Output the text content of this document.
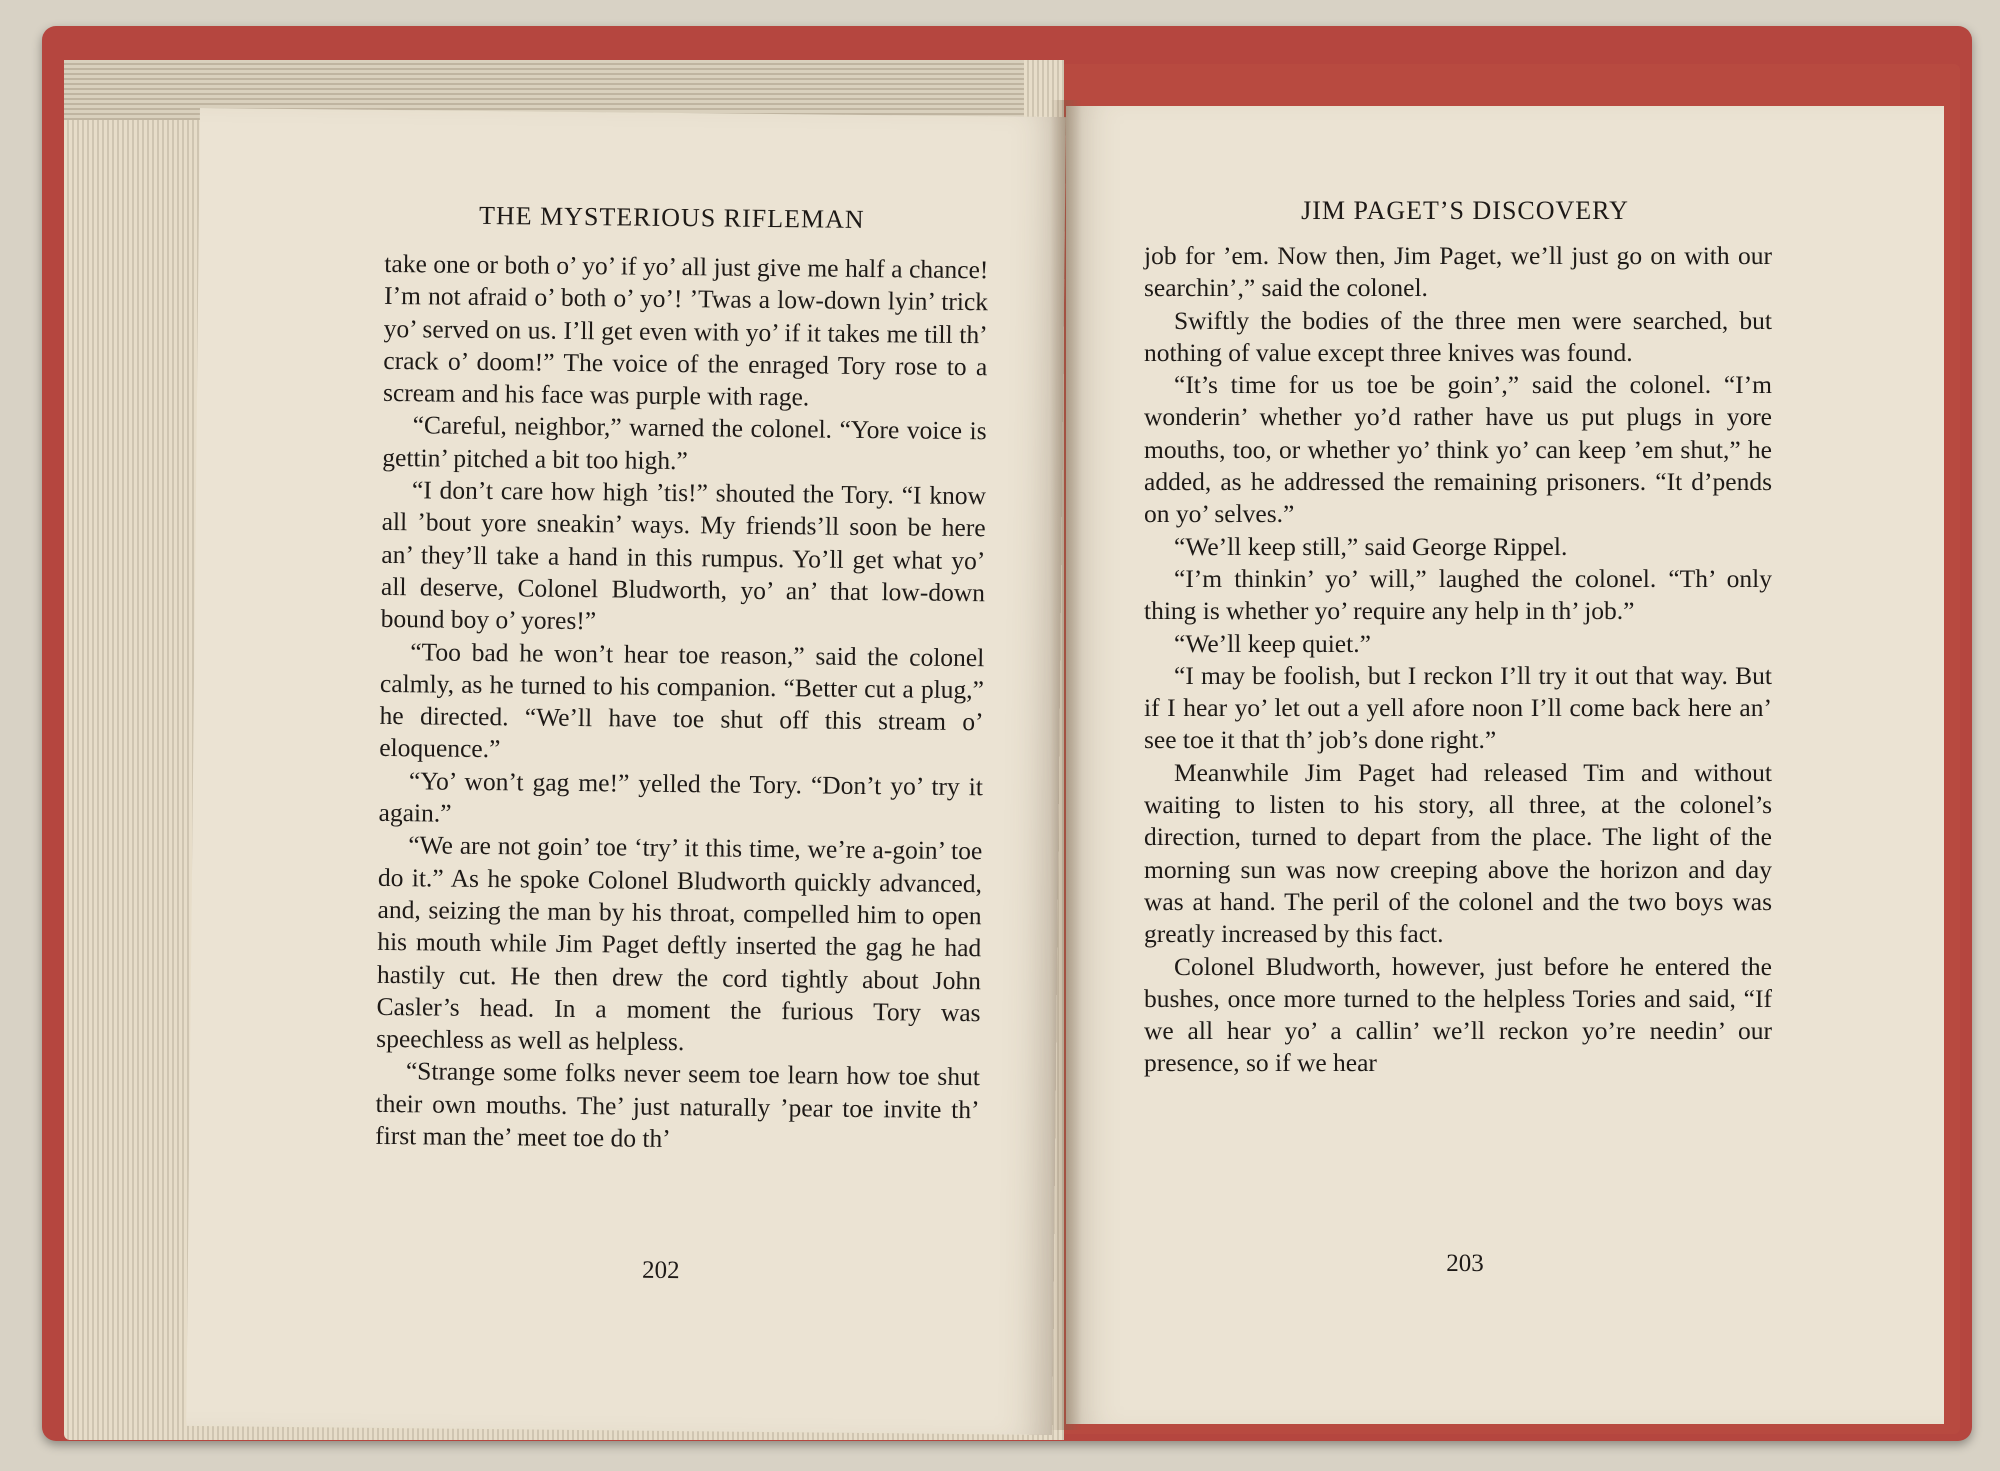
THE MYSTERIOUS RIFLEMAN

take one or both o’ yo’ if yo’ all just give me half a chance! I’m not afraid o’ both o’ yo’! ’Twas a low-down lyin’ trick yo’ served on us. I’ll get even with yo’ if it takes me till th’ crack o’ doom!” The voice of the enraged Tory rose to a scream and his face was purple with rage.

“Careful, neighbor,” warned the colonel. “Yore voice is gettin’ pitched a bit too high.”

“I don’t care how high ’tis!” shouted the Tory. “I know all ’bout yore sneakin’ ways. My friends’ll soon be here an’ they’ll take a hand in this rumpus. Yo’ll get what yo’ all deserve, Colonel Bludworth, yo’ an’ that low-down bound boy o’ yores!”

“Too bad he won’t hear toe reason,” said the colonel calmly, as he turned to his companion. “Better cut a plug,” he directed. “We’ll have toe shut off this stream o’ eloquence.”

“Yo’ won’t gag me!” yelled the Tory. “Don’t yo’ try it again.”

“We are not goin’ toe ‘try’ it this time, we’re a-goin’ toe do it.” As he spoke Colonel Bludworth quickly advanced, and, seizing the man by his throat, compelled him to open his mouth while Jim Paget deftly inserted the gag he had hastily cut. He then drew the cord tightly about John Casler’s head. In a moment the furious Tory was speechless as well as helpless.

“Strange some folks never seem toe learn how toe shut their own mouths. The’ just naturally ’pear toe invite th’ first man the’ meet toe do th’

202
JIM PAGET’S DISCOVERY

job for ’em. Now then, Jim Paget, we’ll just go on with our searchin’,” said the colonel.

Swiftly the bodies of the three men were searched, but nothing of value except three knives was found.

“It’s time for us toe be goin’,” said the colonel. “I’m wonderin’ whether yo’d rather have us put plugs in yore mouths, too, or whether yo’ think yo’ can keep ’em shut,” he added, as he addressed the remaining prisoners. “It d’pends on yo’ selves.”

“We’ll keep still,” said George Rippel.

“I’m thinkin’ yo’ will,” laughed the colonel. “Th’ only thing is whether yo’ require any help in th’ job.”

“We’ll keep quiet.”

“I may be foolish, but I reckon I’ll try it out that way. But if I hear yo’ let out a yell afore noon I’ll come back here an’ see toe it that th’ job’s done right.”

Meanwhile Jim Paget had released Tim and without waiting to listen to his story, all three, at the colonel’s direction, turned to depart from the place. The light of the morning sun was now creeping above the horizon and day was at hand. The peril of the colonel and the two boys was greatly increased by this fact.

Colonel Bludworth, however, just before he entered the bushes, once more turned to the helpless Tories and said, “If we all hear yo’ a callin’ we’ll reckon yo’re needin’ our presence, so if we hear

203
